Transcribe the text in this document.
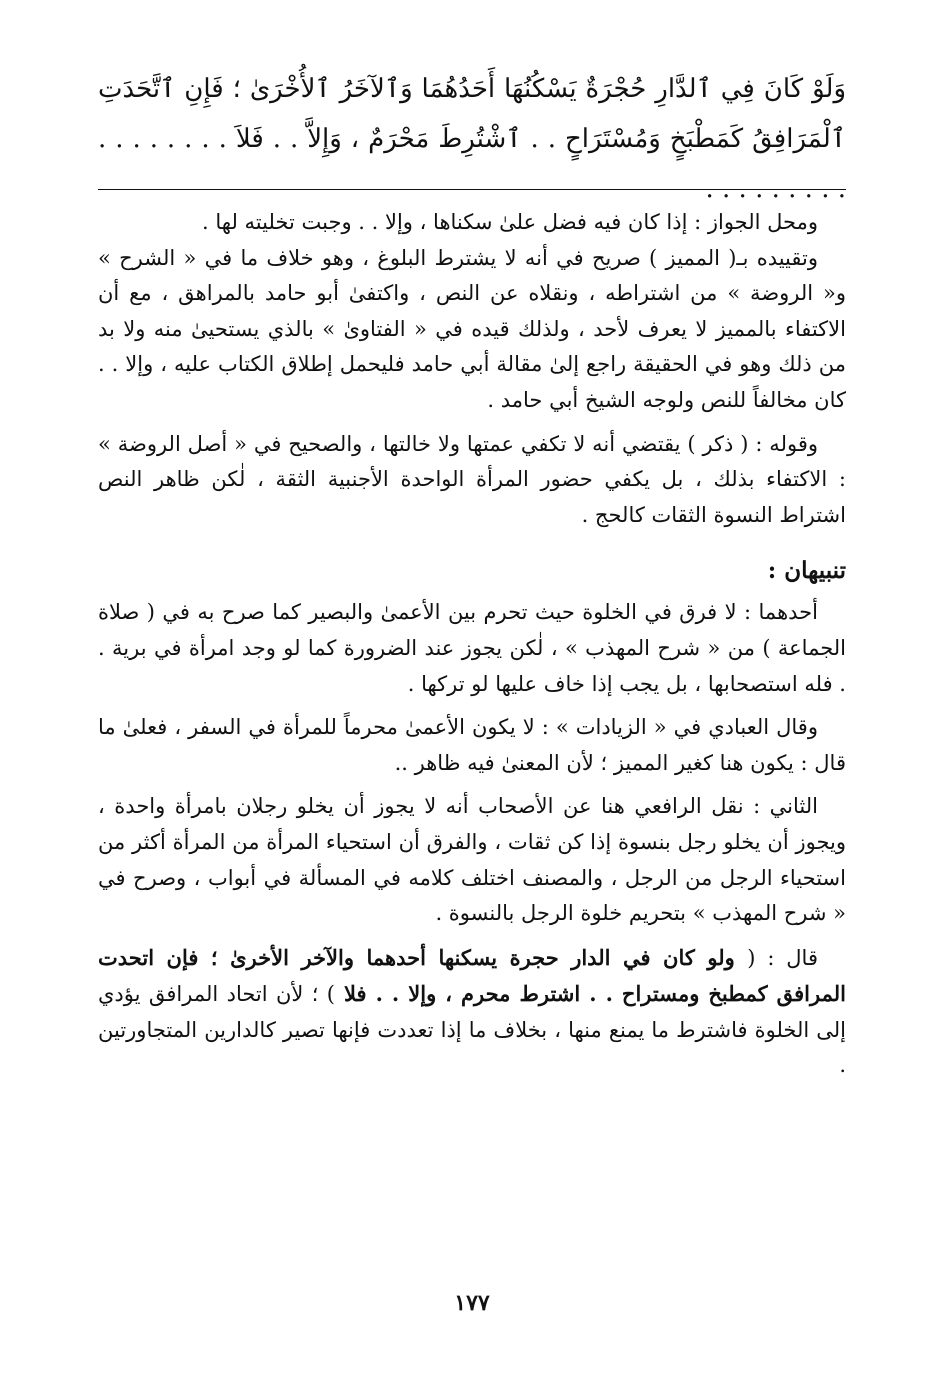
وَلَوْ كَانَ فِي ٱلدَّارِ حُجْرَةٌ يَسْكُنُهَا أَحَدُهُمَا وَٱلآخَرُ ٱلأُخْرَىٰ ؛ فَإِنِ ٱتَّحَدَتِ ٱلْمَرَافِقُ كَمَطْبَخٍ وَمُسْتَرَاحٍ . . ٱشْتُرِطَ مَحْرَمٌ ، وَإِلاَّ . . فَلاَ . . . . . . . . . . . . . . . . .

ومحل الجواز : إذا كان فيه فضل علىٰ سكناها ، وإلا . . وجبت تخليته لها .

وتقييده بـ( المميز ) صريح في أنه لا يشترط البلوغ ، وهو خلاف ما في « الشرح » و« الروضة » من اشتراطه ، ونقلاه عن النص ، واكتفىٰ أبو حامد بالمراهق ، مع أن الاكتفاء بالمميز لا يعرف لأحد ، ولذلك قيده في « الفتاوىٰ » بالذي يستحيىٰ منه ولا بد من ذلك وهو في الحقيقة راجع إلىٰ مقالة أبي حامد فليحمل إطلاق الكتاب عليه ، وإلا . . كان مخالفاً للنص ولوجه الشيخ أبي حامد .

وقوله : ( ذكر ) يقتضي أنه لا تكفي عمتها ولا خالتها ، والصحيح في « أصل الروضة » : الاكتفاء بذلك ، بل يكفي حضور المرأة الواحدة الأجنبية الثقة ، لٰكن ظاهر النص اشتراط النسوة الثقات كالحج .

تنبيهان :

أحدهما : لا فرق في الخلوة حيث تحرم بين الأعمىٰ والبصير كما صرح به في ( صلاة الجماعة ) من « شرح المهذب » ، لٰكن يجوز عند الضرورة كما لو وجد امرأة في برية . . فله استصحابها ، بل يجب إذا خاف عليها لو تركها .

وقال العبادي في « الزيادات » : لا يكون الأعمىٰ محرماً للمرأة في السفر ، فعلىٰ ما قال : يكون هنا كغير المميز ؛ لأن المعنىٰ فيه ظاهر ..

الثاني : نقل الرافعي هنا عن الأصحاب أنه لا يجوز أن يخلو رجلان بامرأة واحدة ، ويجوز أن يخلو رجل بنسوة إذا كن ثقات ، والفرق أن استحياء المرأة من المرأة أكثر من استحياء الرجل من الرجل ، والمصنف اختلف كلامه في المسألة في أبواب ، وصرح في « شرح المهذب » بتحريم خلوة الرجل بالنسوة .

قال : ( ولو كان في الدار حجرة يسكنها أحدهما والآخر الأخرىٰ ؛ فإن اتحدت المرافق كمطبخ ومستراح . . اشترط محرم ، وإلا . . فلا ) ؛ لأن اتحاد المرافق يؤدي إلى الخلوة فاشترط ما يمنع منها ، بخلاف ما إذا تعددت فإنها تصير كالدارين المتجاورتين .

١٧٧
